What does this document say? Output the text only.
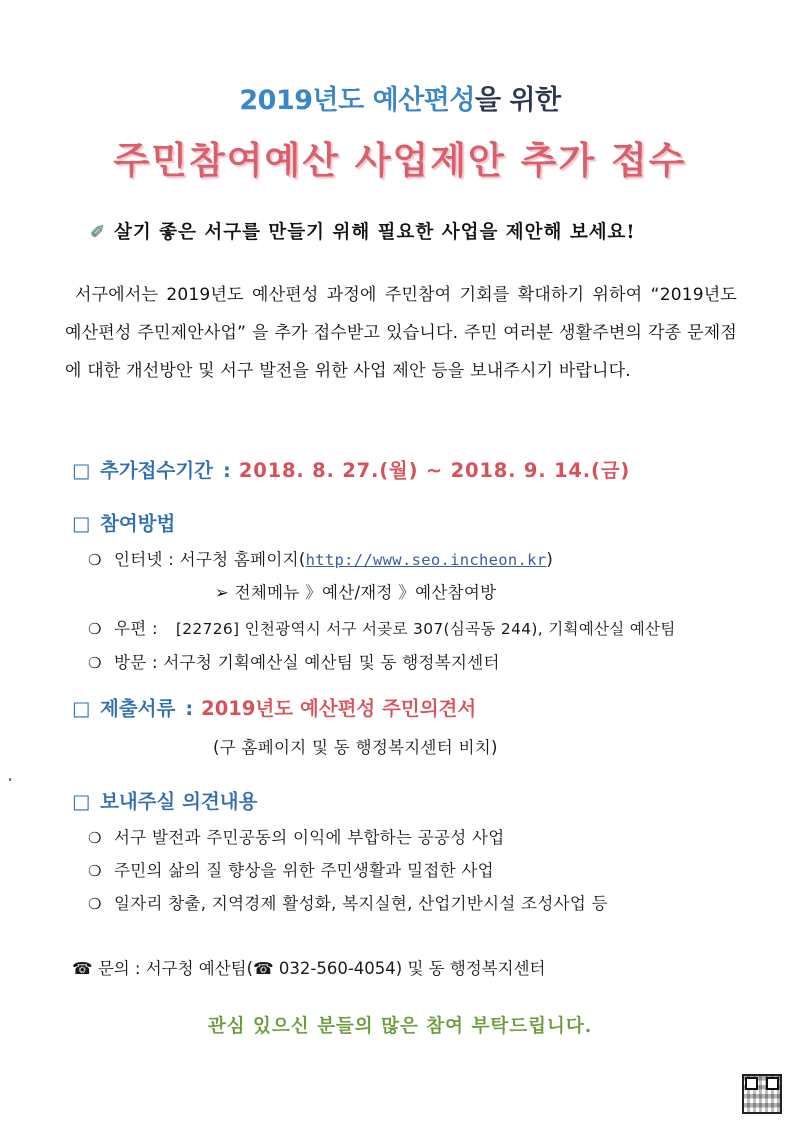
2019년도 예산편성을 위한
주민참여예산 사업제안 추가 접수
✐ 살기 좋은 서구를 만들기 위해 필요한 사업을 제안해 보세요!
서구에서는 2019년도 예산편성 과정에 주민참여 기회를 확대하기 위하여 “2019년도 예산편성 주민제안사업” 을 추가 접수받고 있습니다. 주민 여러분 생활주변의 각종 문제점에 대한 개선방안 및 서구 발전을 위한 사업 제안 등을 보내주시기 바랍니다.
□ 추가접수기간 : 2018. 8. 27.(월) ~ 2018. 9. 14.(금)
□ 참여방법
❍ 인터넷 : 서구청 홈페이지(http://www.seo.incheon.kr)
➢ 전체메뉴 》예산/재정 》예산참여방
❍ 우편 : [22726] 인천광역시 서구 서곶로 307(심곡동 244), 기획예산실 예산팀
❍ 방문 : 서구청 기획예산실 예산팀 및 동 행정복지센터
□ 제출서류 : 2019년도 예산편성 주민의견서
(구 홈페이지 및 동 행정복지센터 비치)
□ 보내주실 의견내용
❍ 서구 발전과 주민공동의 이익에 부합하는 공공성 사업
❍ 주민의 삶의 질 향상을 위한 주민생활과 밀접한 사업
❍ 일자리 창출, 지역경제 활성화, 복지실현, 산업기반시설 조성사업 등
☎ 문의 : 서구청 예산팀(☎ 032-560-4054) 및 동 행정복지센터
관심 있으신 분들의 많은 참여 부탁드립니다.
